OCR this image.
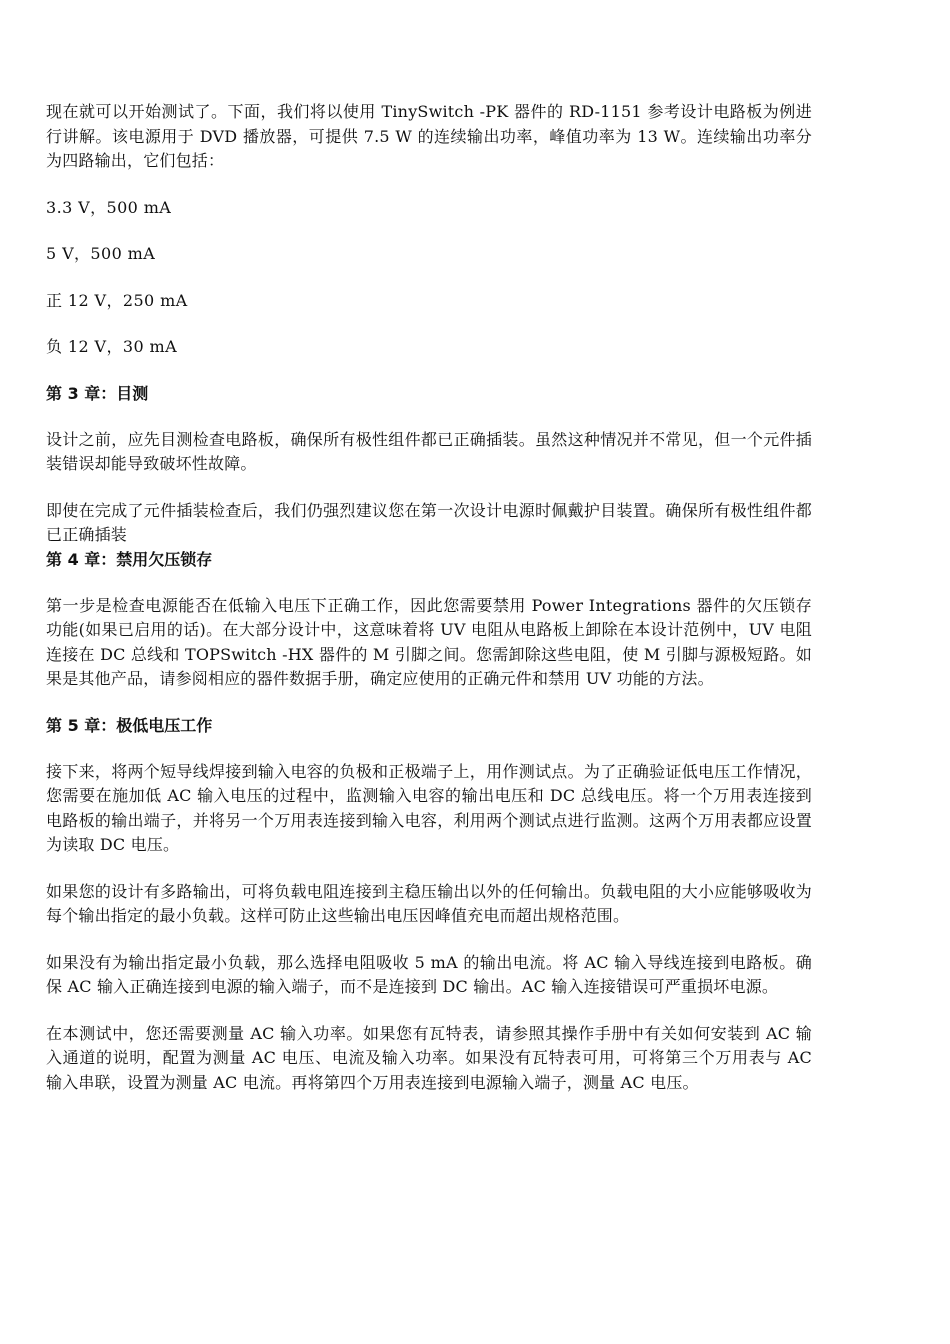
现在就可以开始测试了。下面，我们将以使用 TinySwitch -PK 器件的 RD-1151 参考设计电路板为例进行讲解。该电源用于 DVD 播放器，可提供 7.5 W 的连续输出功率，峰值功率为 13 W。连续输出功率分为四路输出，它们包括：

3.3 V，500 mA

5 V，500 mA

正 12 V，250 mA

负 12 V，30 mA

第 3 章：目测

设计之前，应先目测检查电路板，确保所有极性组件都已正确插装。虽然这种情况并不常见，但一个元件插装错误却能导致破坏性故障。

即使在完成了元件插装检查后，我们仍强烈建议您在第一次设计电源时佩戴护目装置。确保所有极性组件都已正确插装

第 4 章：禁用欠压锁存

第一步是检查电源能否在低输入电压下正确工作，因此您需要禁用 Power Integrations 器件的欠压锁存功能(如果已启用的话)。在大部分设计中，这意味着将 UV 电阻从电路板上卸除在本设计范例中，UV 电阻连接在 DC 总线和 TOPSwitch -HX 器件的 M 引脚之间。您需卸除这些电阻，使 M 引脚与源极短路。如果是其他产品，请参阅相应的器件数据手册，确定应使用的正确元件和禁用 UV 功能的方法。

第 5 章：极低电压工作

接下来，将两个短导线焊接到输入电容的负极和正极端子上，用作测试点。为了正确验证低电压工作情况，您需要在施加低 AC 输入电压的过程中，监测输入电容的输出电压和 DC 总线电压。将一个万用表连接到电路板的输出端子，并将另一个万用表连接到输入电容，利用两个测试点进行监测。这两个万用表都应设置为读取 DC 电压。

如果您的设计有多路输出，可将负载电阻连接到主稳压输出以外的任何输出。负载电阻的大小应能够吸收为每个输出指定的最小负载。这样可防止这些输出电压因峰值充电而超出规格范围。

如果没有为输出指定最小负载，那么选择电阻吸收 5 mA 的输出电流。将 AC 输入导线连接到电路板。确保 AC 输入正确连接到电源的输入端子，而不是连接到 DC 输出。AC 输入连接错误可严重损坏电源。

在本测试中，您还需要测量 AC 输入功率。如果您有瓦特表，请参照其操作手册中有关如何安装到 AC 输入通道的说明，配置为测量 AC 电压、电流及输入功率。如果没有瓦特表可用，可将第三个万用表与 AC 输入串联，设置为测量 AC 电流。再将第四个万用表连接到电源输入端子，测量 AC 电压。
